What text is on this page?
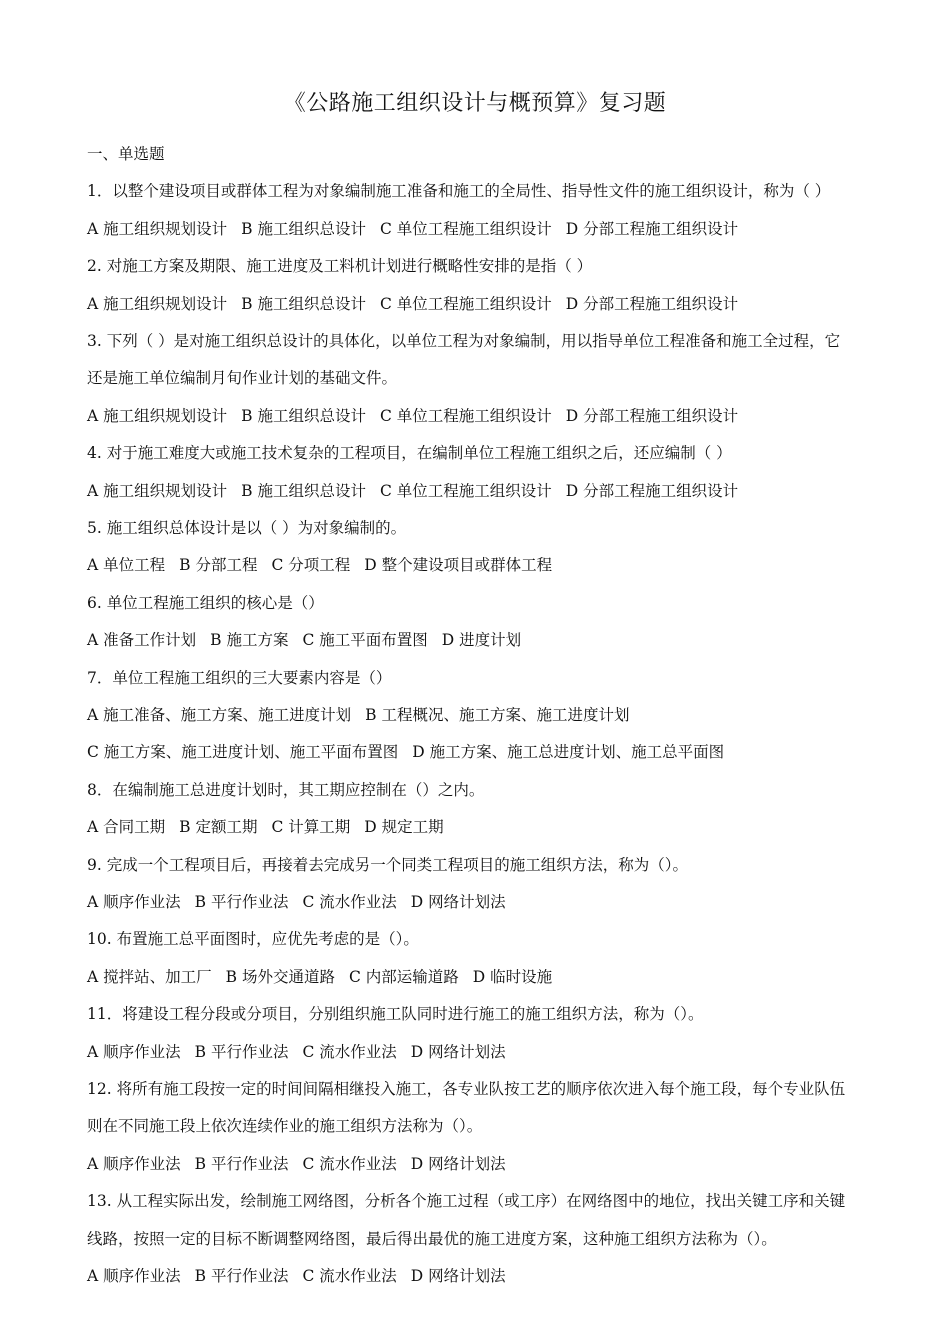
《公路施工组织设计与概预算》复习题
一、单选题
1．以整个建设项目或群体工程为对象编制施工准备和施工的全局性、指导性文件的施工组织设计，称为（ ）
A 施工组织规划设计 B 施工组织总设计 C 单位工程施工组织设计 D 分部工程施工组织设计
2. 对施工方案及期限、施工进度及工料机计划进行概略性安排的是指（ ）
A 施工组织规划设计 B 施工组织总设计 C 单位工程施工组织设计 D 分部工程施工组织设计
3. 下列（ ）是对施工组织总设计的具体化，以单位工程为对象编制，用以指导单位工程准备和施工全过程，它
还是施工单位编制月旬作业计划的基础文件。
A 施工组织规划设计 B 施工组织总设计 C 单位工程施工组织设计 D 分部工程施工组织设计
4. 对于施工难度大或施工技术复杂的工程项目，在编制单位工程施工组织之后，还应编制（ ）
A 施工组织规划设计 B 施工组织总设计 C 单位工程施工组织设计 D 分部工程施工组织设计
5. 施工组织总体设计是以（ ）为对象编制的。
A 单位工程 B 分部工程 C 分项工程 D 整个建设项目或群体工程
6. 单位工程施工组织的核心是（）
A 准备工作计划 B 施工方案 C 施工平面布置图 D 进度计划
7．单位工程施工组织的三大要素内容是（）
A 施工准备、施工方案、施工进度计划 B 工程概况、施工方案、施工进度计划
C 施工方案、施工进度计划、施工平面布置图 D 施工方案、施工总进度计划、施工总平面图
8．在编制施工总进度计划时，其工期应控制在（）之内。
A 合同工期 B 定额工期 C 计算工期 D 规定工期
9. 完成一个工程项目后，再接着去完成另一个同类工程项目的施工组织方法，称为（）。
A 顺序作业法 B 平行作业法 C 流水作业法 D 网络计划法
10. 布置施工总平面图时，应优先考虑的是（）。
A 搅拌站、加工厂 B 场外交通道路 C 内部运输道路 D 临时设施
11．将建设工程分段或分项目，分别组织施工队同时进行施工的施工组织方法，称为（）。
A 顺序作业法 B 平行作业法 C 流水作业法 D 网络计划法
12. 将所有施工段按一定的时间间隔相继投入施工，各专业队按工艺的顺序依次进入每个施工段，每个专业队伍
则在不同施工段上依次连续作业的施工组织方法称为（）。
A 顺序作业法 B 平行作业法 C 流水作业法 D 网络计划法
13. 从工程实际出发，绘制施工网络图，分析各个施工过程（或工序）在网络图中的地位，找出关键工序和关键
线路，按照一定的目标不断调整网络图，最后得出最优的施工进度方案，这种施工组织方法称为（）。
A 顺序作业法 B 平行作业法 C 流水作业法 D 网络计划法
